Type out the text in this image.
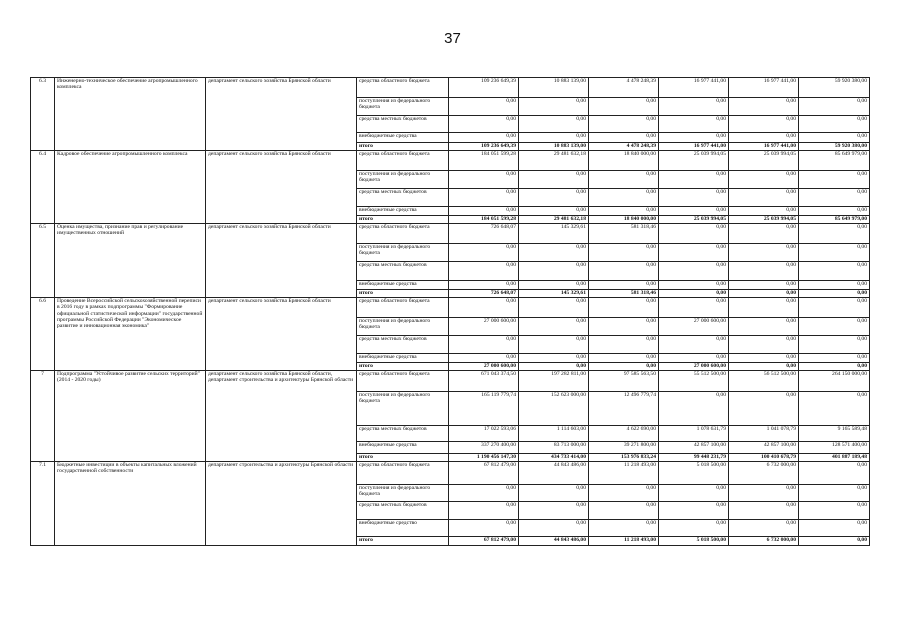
37
6.3	Инженерно-техническое обеспечение агропромышленного комплекса	департамент сельского хозяйства Брянской области	средства областного бюджета	109 236 649,39	10 883 139,00	4 478 248,39	16 977 441,00	16 977 441,00	59 920 380,00
			поступления из федерального бюджета	0,00	0,00	0,00	0,00	0,00	0,00
			средства местных бюджетов	0,00	0,00	0,00	0,00	0,00	0,00
			внебюджетные средства	0,00	0,00	0,00	0,00	0,00	0,00
			итого	109 236 649,39	10 883 139,00	4 478 248,39	16 977 441,00	16 977 441,00	59 920 380,00
6.4	Кадровое обеспечение агропромышленного комплекса	департамент сельского хозяйства Брянской области	средства областного бюджета	184 051 599,28	29 481 632,18	18 840 000,00	25 039 994,05	25 039 994,05	85 649 979,00
			поступления из федерального бюджета	0,00	0,00	0,00	0,00	0,00	0,00
			средства местных бюджетов	0,00	0,00	0,00	0,00	0,00	0,00
			внебюджетные средства	0,00	0,00	0,00	0,00	0,00	0,00
			итого	184 051 599,28	29 481 632,18	18 840 000,00	25 039 994,05	25 039 994,05	85 649 979,00
6.5	Оценка имущества, признание прав и регулирование имущественных отношений	департамент сельского хозяйства Брянской области	средства областного бюджета	726 648,07	145 329,61	581 318,46	0,00	0,00	0,00
			поступления из федерального бюджета	0,00	0,00	0,00	0,00	0,00	0,00
			средства местных бюджетов	0,00	0,00	0,00	0,00	0,00	0,00
			внебюджетные средства	0,00	0,00	0,00	0,00	0,00	0,00
			итого	726 648,07	145 329,61	581 318,46	0,00	0,00	0,00
6.6	Проведение Всероссийской сельскохозяйственной переписи в 2016 году в рамках подпрограммы "Формирование официальной статистической информации" государственной программы Российской Федерации "Экономическое развитие и инновационная экономика"	департамент сельского хозяйства Брянской области	средства областного бюджета	0,00	0,00	0,00	0,00	0,00	0,00
			поступления из федерального бюджета	27 000 600,00	0,00	0,00	27 000 600,00	0,00	0,00
			средства местных бюджетов	0,00	0,00	0,00	0,00	0,00	0,00
			внебюджетные средства	0,00	0,00	0,00	0,00	0,00	0,00
			итого	27 000 600,00	0,00	0,00	27 000 600,00	0,00	0,00
7	Подпрограмма "Устойчивое развитие сельских территорий" (2014 - 2020 годы)	департамент сельского хозяйства Брянской области, департамент строительства и архитектуры Брянской области	средства областного бюджета	671 043 374,50	197 282 811,00	97 585 563,50	55 512 500,00	56 512 500,00	264 150 000,00
			поступления из федерального бюджета	165 119 779,74	152 623 000,00	12 496 779,74	0,00	0,00	0,00
			средства местных бюджетов	17 022 593,06	1 114 603,00	4 622 690,00	1 078 631,79	1 041 078,79	9 165 589,48
			внебюджетные средства	337 270 400,00	83 713 000,00	39 271 800,00	42 857 100,00	42 857 100,00	128 571 400,00
			итого	1 190 456 147,30	434 733 414,00	153 976 833,24	99 448 231,79	100 410 678,79	401 887 189,48
7.1	Бюджетные инвестиции в объекты капитальных вложений государственной собственности	департамент строительства и архитектуры Брянской области	средства областного бюджета	67 812 479,00	44 843 486,00	11 218 493,00	5 018 500,00	6 732 000,00	0,00
			поступления из федерального бюджета	0,00	0,00	0,00	0,00	0,00	0,00
			средства местных бюджетов	0,00	0,00	0,00	0,00	0,00	0,00
			внебюджетные средство	0,00	0,00	0,00	0,00	0,00	0,00
			итого	67 812 479,00	44 843 486,00	11 218 493,00	5 018 500,00	6 732 000,00	0,00
